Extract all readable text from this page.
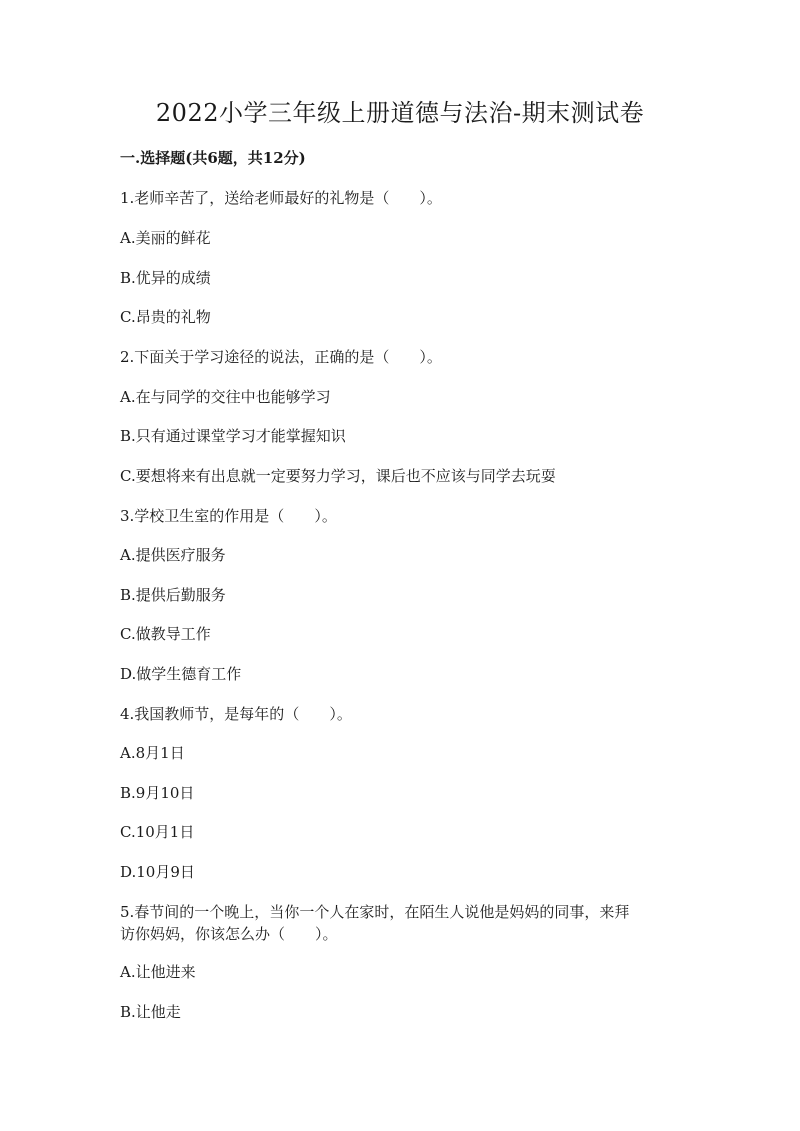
2022小学三年级上册道德与法治-期末测试卷
一.选择题(共6题，共12分)
1.老师辛苦了，送给老师最好的礼物是（　　）。
A.美丽的鲜花
B.优异的成绩
C.昂贵的礼物
2.下面关于学习途径的说法，正确的是（　　）。
A.在与同学的交往中也能够学习
B.只有通过课堂学习才能掌握知识
C.要想将来有出息就一定要努力学习，课后也不应该与同学去玩耍
3.学校卫生室的作用是（　　）。
A.提供医疗服务
B.提供后勤服务
C.做教导工作
D.做学生德育工作
4.我国教师节，是每年的（　　）。
A.8月1日
B.9月10日
C.10月1日
D.10月9日
5.春节间的一个晚上，当你一个人在家时，在陌生人说他是妈妈的同事，来拜
访你妈妈，你该怎么办（　　）。
A.让他进来
B.让他走
